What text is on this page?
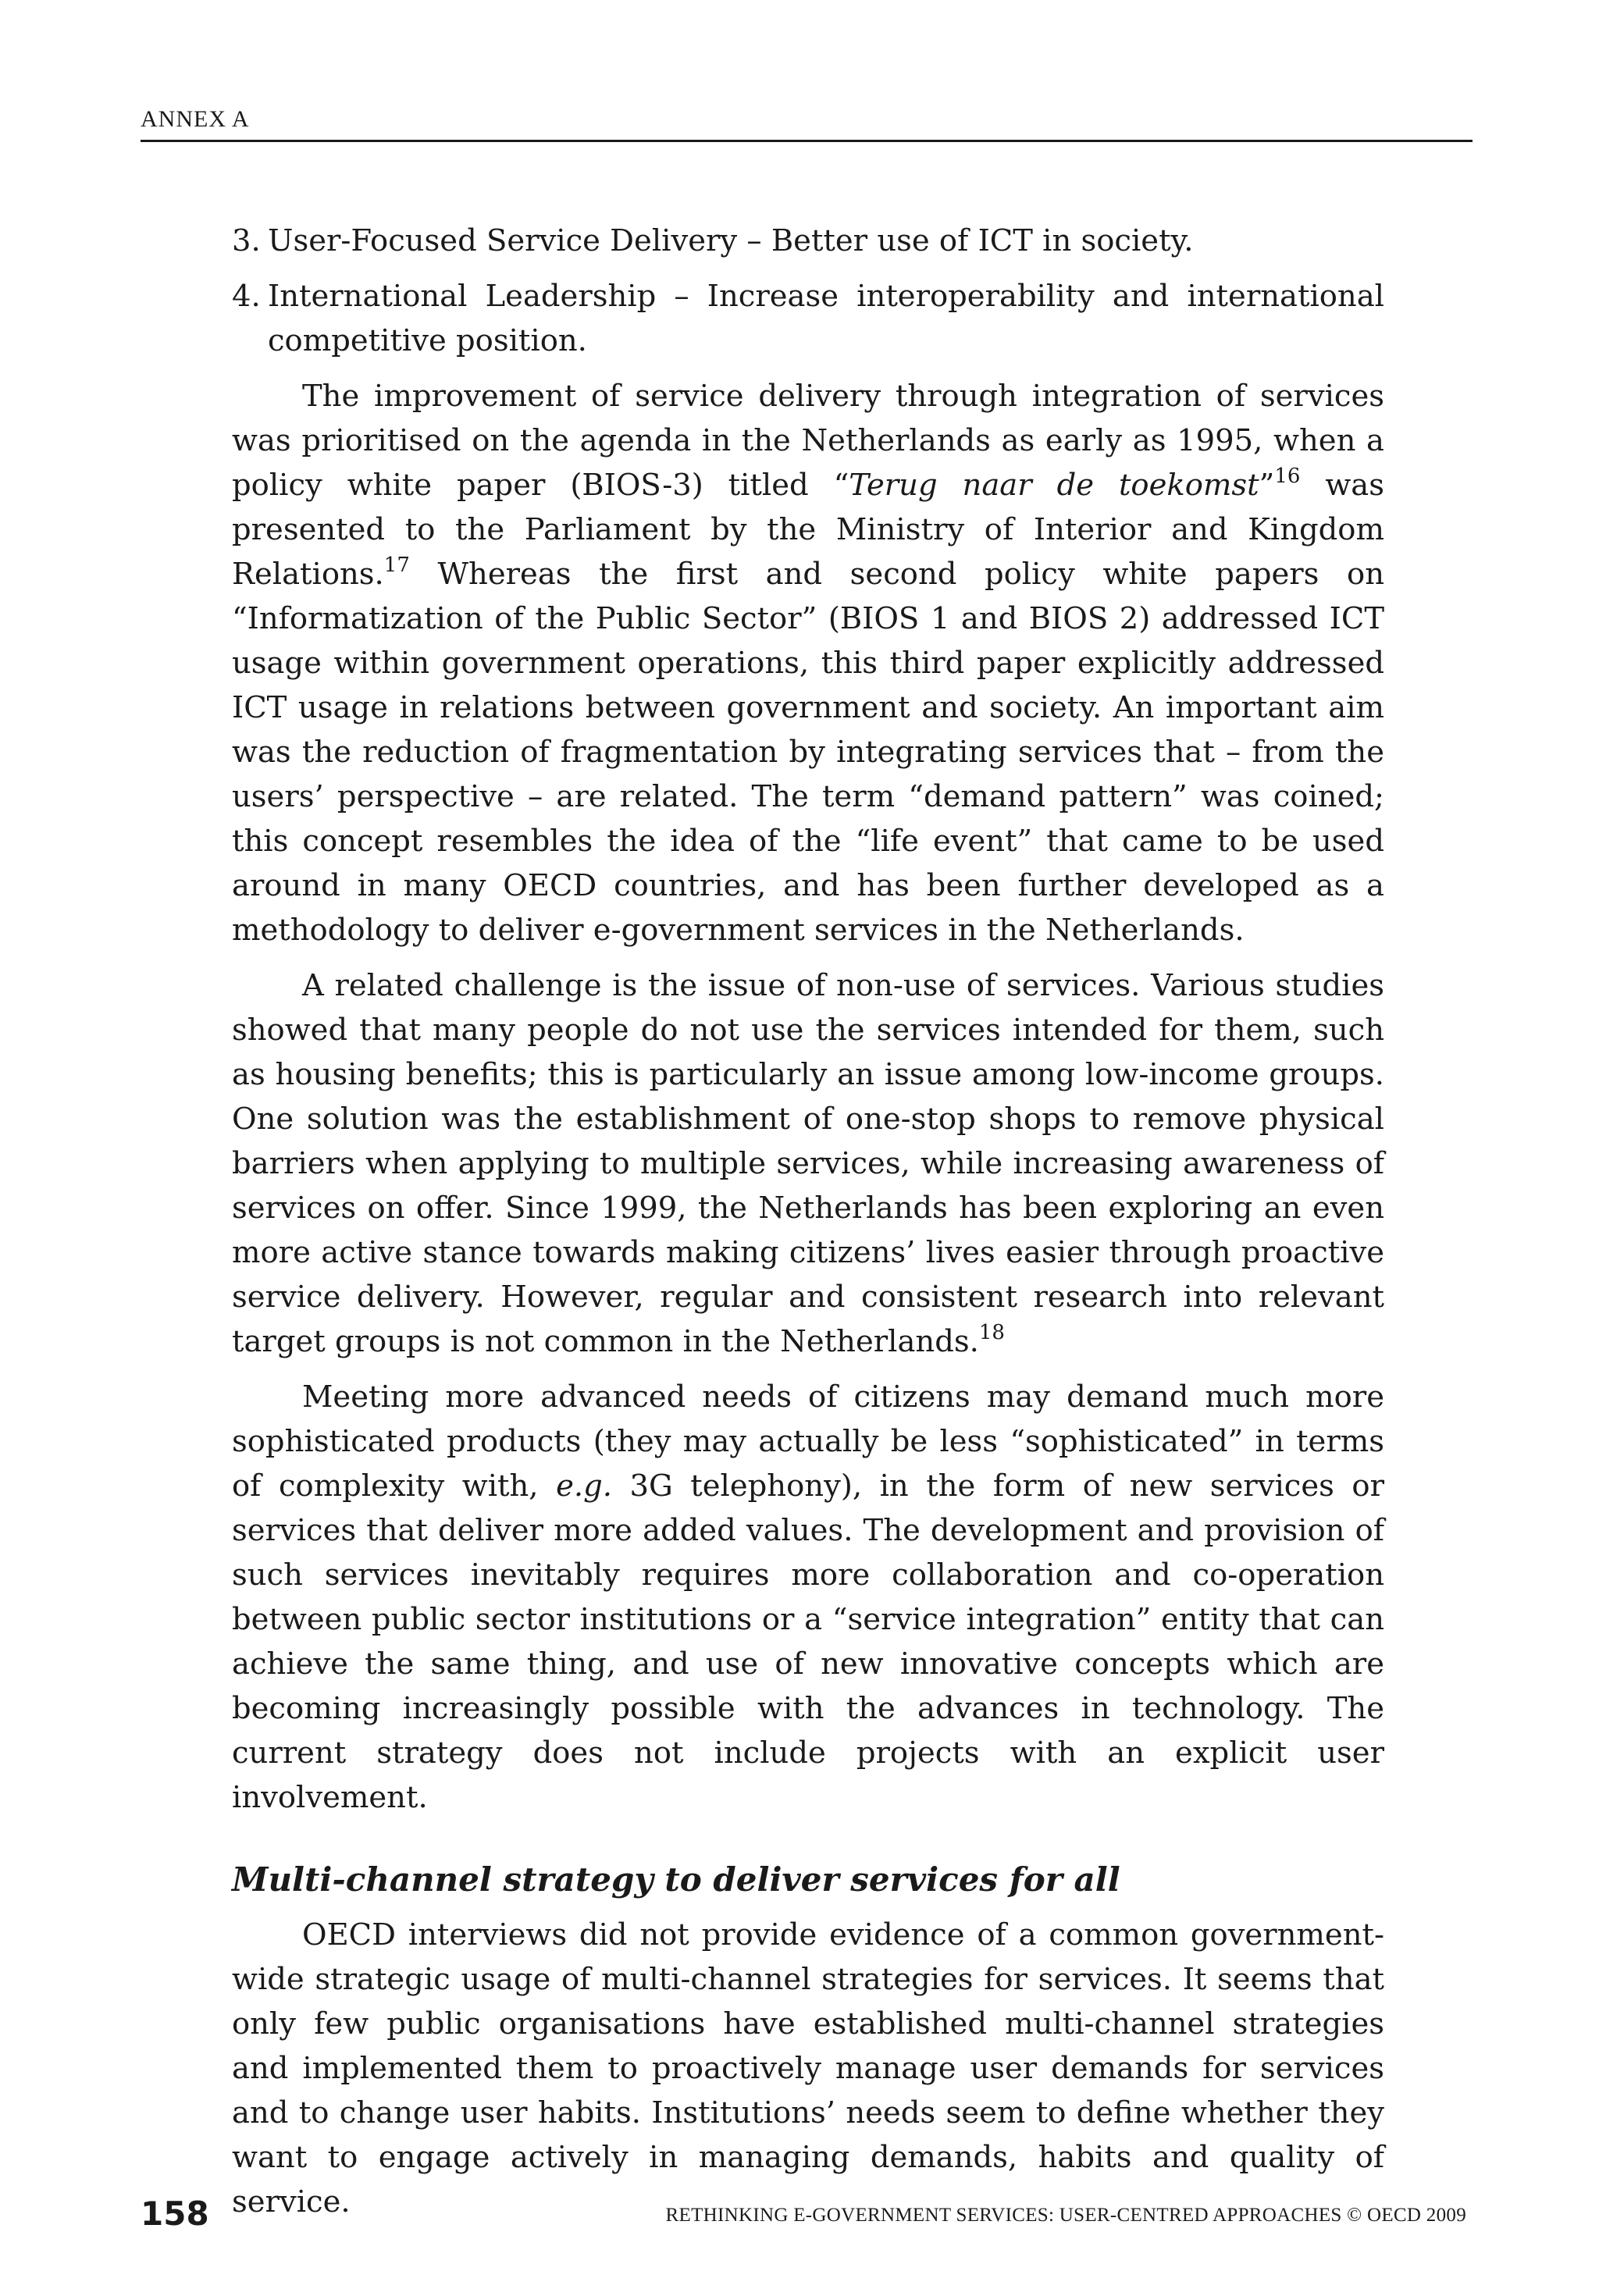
ANNEX A
3. User-Focused Service Delivery – Better use of ICT in society.
4. International Leadership – Increase interoperability and international competitive position.

The improvement of service delivery through integration of services was prioritised on the agenda in the Netherlands as early as 1995, when a policy white paper (BIOS-3) titled “Terug naar de toekomst”$^{16}$ was presented to the Parliament by the Ministry of Interior and Kingdom Relations.$^{17}$ Whereas the first and second policy white papers on “Informatization of the Public Sector” (BIOS 1 and BIOS 2) addressed ICT usage within government operations, this third paper explicitly addressed ICT usage in relations between government and society. An important aim was the reduction of fragmentation by integrating services that – from the users’ perspective – are related. The term “demand pattern” was coined; this concept resembles the idea of the “life event” that came to be used around in many OECD countries, and has been further developed as a methodology to deliver e-government services in the Netherlands.

A related challenge is the issue of non-use of services. Various studies showed that many people do not use the services intended for them, such as housing benefits; this is particularly an issue among low-income groups. One solution was the establishment of one-stop shops to remove physical barriers when applying to multiple services, while increasing awareness of services on offer. Since 1999, the Netherlands has been exploring an even more active stance towards making citizens’ lives easier through proactive service delivery. However, regular and consistent research into relevant target groups is not common in the Netherlands.$^{18}$

Meeting more advanced needs of citizens may demand much more sophisticated products (they may actually be less “sophisticated” in terms of complexity with, e.g. 3G telephony), in the form of new services or services that deliver more added values. The development and provision of such services inevitably requires more collaboration and co-operation between public sector institutions or a “service integration” entity that can achieve the same thing, and use of new innovative concepts which are becoming increasingly possible with the advances in technology. The current strategy does not include projects with an explicit user involvement.

Multi-channel strategy to deliver services for all

OECD interviews did not provide evidence of a common government-wide strategic usage of multi-channel strategies for services. It seems that only few public organisations have established multi-channel strategies and implemented them to proactively manage user demands for services and to change user habits. Institutions’ needs seem to define whether they want to engage actively in managing demands, habits and quality of service.

158	RETHINKING E-GOVERNMENT SERVICES: USER-CENTRED APPROACHES © OECD 2009
